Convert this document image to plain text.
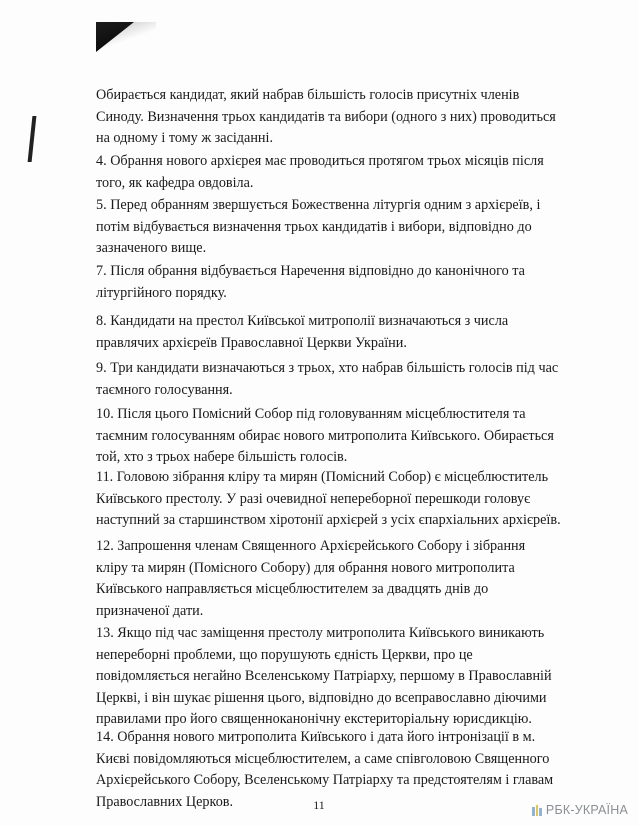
Обирається кандидат, який набрав більшість голосів присутніх членів
Синоду. Визначення трьох кандидатів та вибори (одного з них) проводиться
на одному і тому ж засіданні.
4. Обрання нового архієрея має проводиться протягом трьох місяців після
того, як кафедра овдовіла.
5. Перед обранням звершується Божественна літургія одним з архієреїв, і
потім відбувається визначення трьох кандидатів і вибори, відповідно до
зазначеного вище.
7. Після обрання відбувається Наречення відповідно до канонічного та
літургійного порядку.
8. Кандидати на престол Київської митрополії визначаються з числа
правлячих архієреїв Православної Церкви України.
9. Три кандидати визначаються з трьох, хто набрав більшість голосів під час
таємного голосування.
10. Після цього Помісний Собор під головуванням місцеблюстителя та
таємним голосуванням обирає нового митрополита Київського. Обирається
той, хто з трьох набере більшість голосів.
11. Головою зібрання кліру та мирян (Помісний Собор) є місцеблюститель
Київського престолу. У разі очевидної непереборної перешкоди головує
наступний за старшинством хіротонії архієрей з усіх єпархіальних архієреїв.
12. Запрошення членам Священного Архієрейського Собору і зібрання
кліру та мирян (Помісного Собору) для обрання нового митрополита
Київського направляється місцеблюстителем за двадцять днів до
призначеної дати.
13. Якщо під час заміщення престолу митрополита Київського виникають
непереборні проблеми, що порушують єдність Церкви, про це
повідомляється негайно Вселенському Патріарху, першому в Православній
Церкві, і він шукає рішення цього, відповідно до всеправославно діючими
правилами про його священноканонічну екстериторіальну юрисдикцію.
14. Обрання нового митрополита Київського і дата його інтронізації в м.
Києві повідомляються місцеблюстителем, а саме співголовою Священного
Архієрейського Собору, Вселенському Патріарху та предстоятелям і главам
Православних Церков.	11	РБК-УКРАЇНА
